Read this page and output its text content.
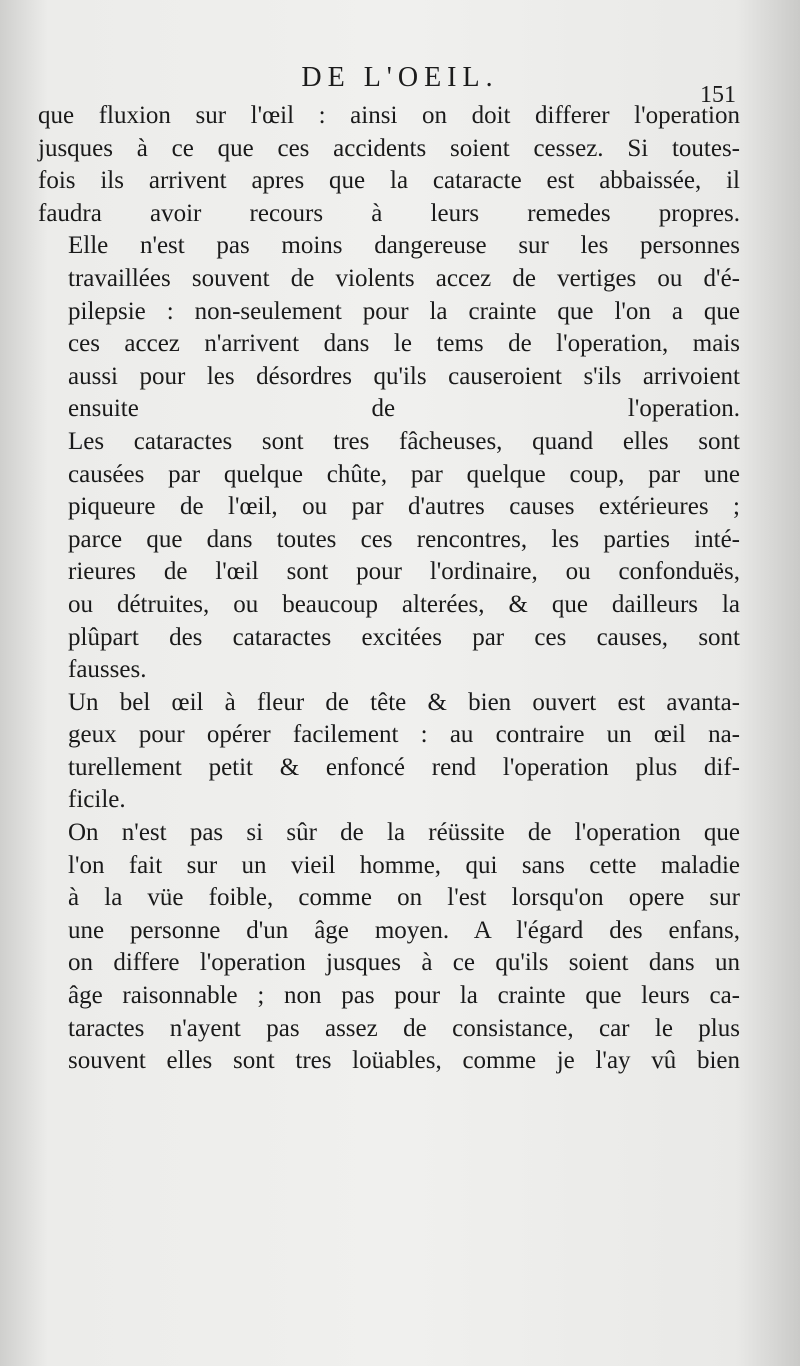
DE L'OEIL.
151

que fluxion sur l'œil : ainsi on doit differer l'operation
jusques à ce que ces accidents soient cessez. Si toutes-
fois ils arrivent apres que la cataracte est abbaissée, il
faudra avoir recours à leurs remedes propres.

Elle n'est pas moins dangereuse sur les personnes
travaillées souvent de violents accez de vertiges ou d'é-
pilepsie : non-seulement pour la crainte que l'on a que
ces accez n'arrivent dans le tems de l'operation, mais
aussi pour les désordres qu'ils causeroient s'ils arrivoient
ensuite de l'operation.

Les cataractes sont tres fâcheuses, quand elles sont
causées par quelque chûte, par quelque coup, par une
piqueure de l'œil, ou par d'autres causes extérieures ;
parce que dans toutes ces rencontres, les parties inté-
rieures de l'œil sont pour l'ordinaire, ou confonduës,
ou détruites, ou beaucoup alterées, & que dailleurs la
plûpart des cataractes excitées par ces causes, sont
fausses.

Un bel œil à fleur de tête & bien ouvert est avanta-
geux pour opérer facilement : au contraire un œil na-
turellement petit & enfoncé rend l'operation plus dif-
ficile.

On n'est pas si sûr de la réüssite de l'operation que
l'on fait sur un vieil homme, qui sans cette maladie
à la vüe foible, comme on l'est lorsqu'on opere sur
une personne d'un âge moyen. A l'égard des enfans,
on differe l'operation jusques à ce qu'ils soient dans un
âge raisonnable ; non pas pour la crainte que leurs ca-
taractes n'ayent pas assez de consistance, car le plus
souvent elles sont tres loüables, comme je l'ay vû bien
